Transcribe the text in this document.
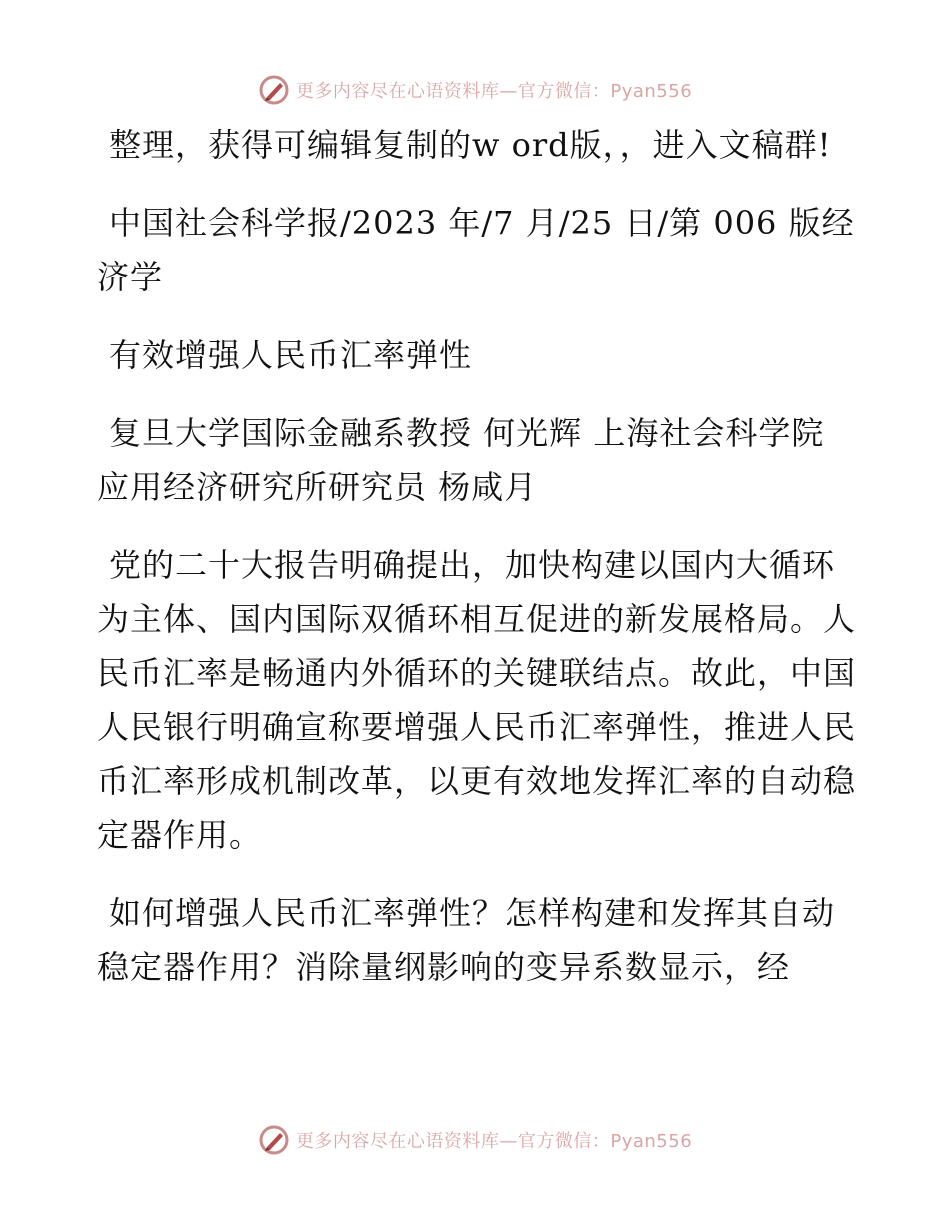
更多内容尽在心语资料库—官方微信：Pyan556

整理，获得可编辑复制的w ord版，，进入文稿群!

中国社会科学报/2023 年/7 月/25 日/第 006 版经济学

有效增强人民币汇率弹性

复旦大学国际金融系教授 何光辉 上海社会科学院应用经济研究所研究员 杨咸月

党的二十大报告明确提出，加快构建以国内大循环为主体、国内国际双循环相互促进的新发展格局。人民币汇率是畅通内外循环的关键联结点。故此，中国人民银行明确宣称要增强人民币汇率弹性，推进人民币汇率形成机制改革，以更有效地发挥汇率的自动稳定器作用。

如何增强人民币汇率弹性？怎样构建和发挥其自动稳定器作用？消除量纲影响的变异系数显示，经

更多内容尽在心语资料库—官方微信：Pyan556
